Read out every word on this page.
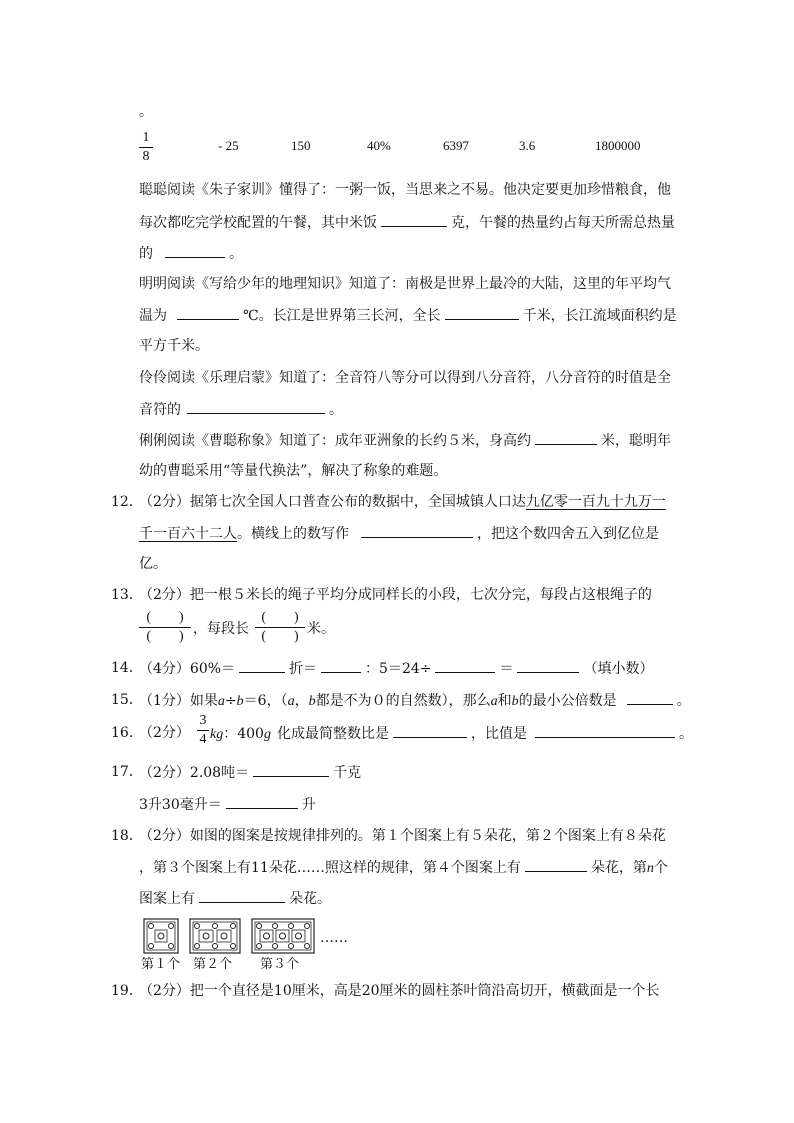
。
1
8
- 25	150	40%	6397	3.6	1800000
聪聪阅读《朱子家训》懂得了：一粥一饭，当思来之不易。他决定要更加珍惜粮食，他
每次都吃完学校配置的午餐，其中米饭	克，午餐的热量约占每天所需总热量
的	。
明明阅读《写给少年的地理知识》知道了：南极是世界上最冷的大陆，这里的年平均气
温为	℃。长江是世界第三长河，全长	千米，长江流域面积约是
平方千米。
伶伶阅读《乐理启蒙》知道了：全音符八等分可以得到八分音符，八分音符的时值是全
音符的	。
俐俐阅读《曹聪称象》知道了：成年亚洲象的长约５米，身高约	米，聪明年
幼的曹聪采用“等量代换法”，解决了称象的难题。
12．
（2分）据第七次全国人口普查公布的数据中，全国城镇人口达九亿零一百九十九万一
千一百六十二人。横线上的数写作	，把这个数四舍五入到亿位是
亿。
13．
（2分）把一根５米长的绳子平均分成同样长的小段，七次分完，每段占这根绳子的
(　　)
(　　) ，每段长
(　　)
(　　) 米。
14．
（4分）60%＝	折＝	：5＝24÷	＝	（填小数）
15．
（1分）如果a÷b＝6，（a，b都是不为０的自然数），那么a和b的最小公倍数是	。
16．
（2分）
3
4 kg：400g 化成最简整数比是	，比值是	。
17．
（2分）2.08吨＝	千克
3升30毫升＝	升
18．
（2分）如图的图案是按规律排列的。第１个图案上有５朵花，第２个图案上有８朵花
，第３个图案上有11朵花……照这样的规律，第４个图案上有	朵花，第n个
图案上有	朵花。
……
第１个 第２个 第３个
19．
（2分）把一个直径是10厘米，高是20厘米的圆柱茶叶筒沿高切开，横截面是一个长
